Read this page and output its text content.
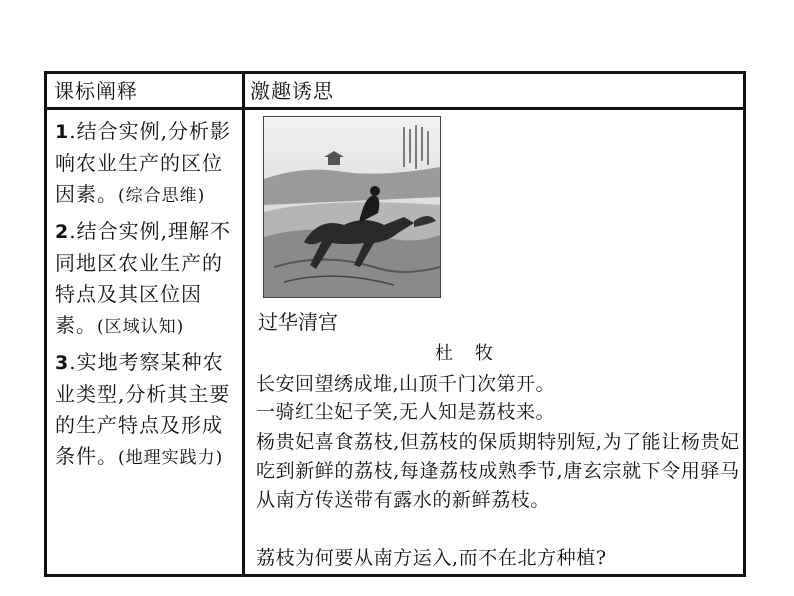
课标阐释	激趣诱思

1.结合实例,分析影响农业生产的区位因素。(综合思维)

2.结合实例,理解不同地区农业生产的特点及其区位因素。(区域认知)

3.实地考察某种农业类型,分析其主要的生产特点及形成条件。(地理实践力)

过华清宫
杜牧
长安回望绣成堆,山顶千门次第开。
一骑红尘妃子笑,无人知是荔枝来。
杨贵妃喜食荔枝,但荔枝的保质期特别短,为了能让杨贵妃吃到新鲜的荔枝,每逢荔枝成熟季节,唐玄宗就下令用驿马从南方传送带有露水的新鲜荔枝。
荔枝为何要从南方运入,而不在北方种植?
